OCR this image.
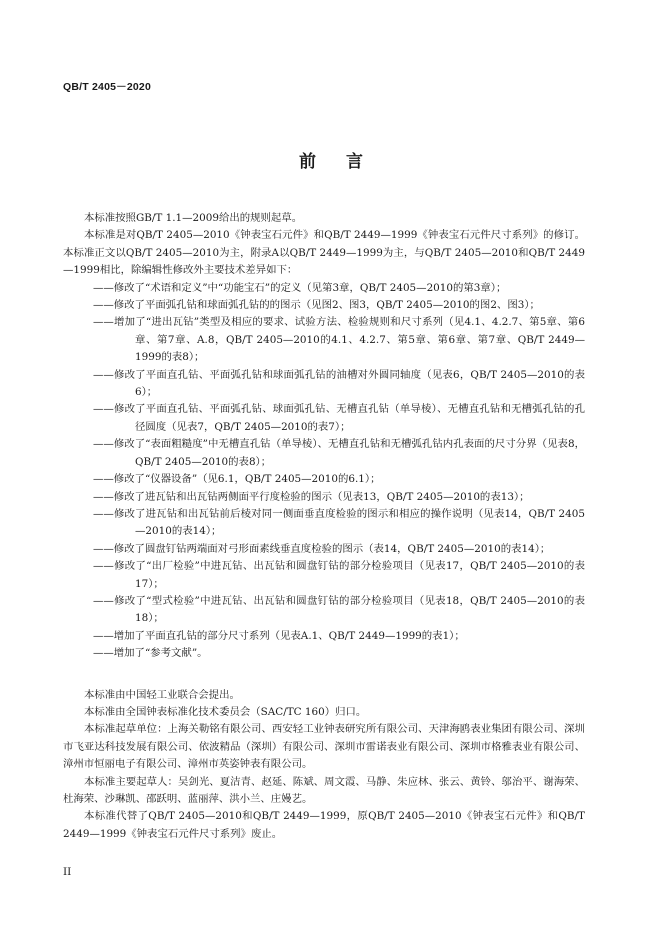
QB/T 2405－2020
前 言

本标准按照GB/T 1.1—2009给出的规则起草。

本标准是对QB/T 2405—2010《钟表宝石元件》和QB/T 2449—1999《钟表宝石元件尺寸系列》的修订。本标准正文以QB/T 2405—2010为主，附录A以QB/T 2449—1999为主，与QB/T 2405—2010和QB/T 2449—1999相比，除编辑性修改外主要技术差异如下：

——修改了“术语和定义”中“功能宝石”的定义（见第3章，QB/T 2405—2010的第3章）；

——修改了平面弧孔钻和球面弧孔钻的的图示（见图2、图3，QB/T 2405—2010的图2、图3）；

——增加了“进出瓦钻”类型及相应的要求、试验方法、检验规则和尺寸系列（见4.1、4.2.7、第5章、第6章、第7章、A.8，QB/T 2405—2010的4.1、4.2.7、第5章、第6章、第7章、QB/T 2449—1999的表8）；

——修改了平面直孔钻、平面弧孔钻和球面弧孔钻的油槽对外圆同轴度（见表6，QB/T 2405—2010的表6）；

——修改了平面直孔钻、平面弧孔钻、球面弧孔钻、无槽直孔钻（单导棱）、无槽直孔钻和无槽弧孔钻的孔径圆度（见表7，QB/T 2405—2010的表7）；

——修改了“表面粗糙度”中无槽直孔钻（单导棱）、无槽直孔钻和无槽弧孔钻内孔表面的尺寸分界（见表8，QB/T 2405—2010的表8）；

——修改了“仪器设备”（见6.1，QB/T 2405—2010的6.1）；

——修改了进瓦钻和出瓦钻两侧面平行度检验的图示（见表13，QB/T 2405—2010的表13）；

——修改了进瓦钻和出瓦钻前后棱对同一侧面垂直度检验的图示和相应的操作说明（见表14，QB/T 2405—2010的表14）；

——修改了圆盘钉钻两端面对弓形面素线垂直度检验的图示（表14，QB/T 2405—2010的表14）；

——修改了“出厂检验”中进瓦钻、出瓦钻和圆盘钉钻的部分检验项目（见表17，QB/T 2405—2010的表17）；

——修改了“型式检验”中进瓦钻、出瓦钻和圆盘钉钻的部分检验项目（见表18，QB/T 2405—2010的表18）；

——增加了平面直孔钻的部分尺寸系列（见表A.1、QB/T 2449—1999的表1）；

——增加了“参考文献”。

本标准由中国轻工业联合会提出。

本标准由全国钟表标准化技术委员会（SAC/TC 160）归口。

本标准起草单位：上海关勒铭有限公司、西安轻工业钟表研究所有限公司、天津海鸥表业集团有限公司、深圳市飞亚达科技发展有限公司、依波精品（深圳）有限公司、深圳市雷诺表业有限公司、深圳市格雅表业有限公司、漳州市恒丽电子有限公司、漳州市英姿钟表有限公司。

本标准主要起草人：吴剑光、夏洁青、赵延、陈斌、周文霞、马静、朱应林、张云、黄铃、邬治平、谢海荣、杜海荣、沙琳凯、邵跃明、蓝丽萍、洪小兰、庄嫚艺。

本标准代替了QB/T 2405—2010和QB/T 2449—1999，原QB/T 2405—2010《钟表宝石元件》和QB/T 2449—1999《钟表宝石元件尺寸系列》废止。

II
